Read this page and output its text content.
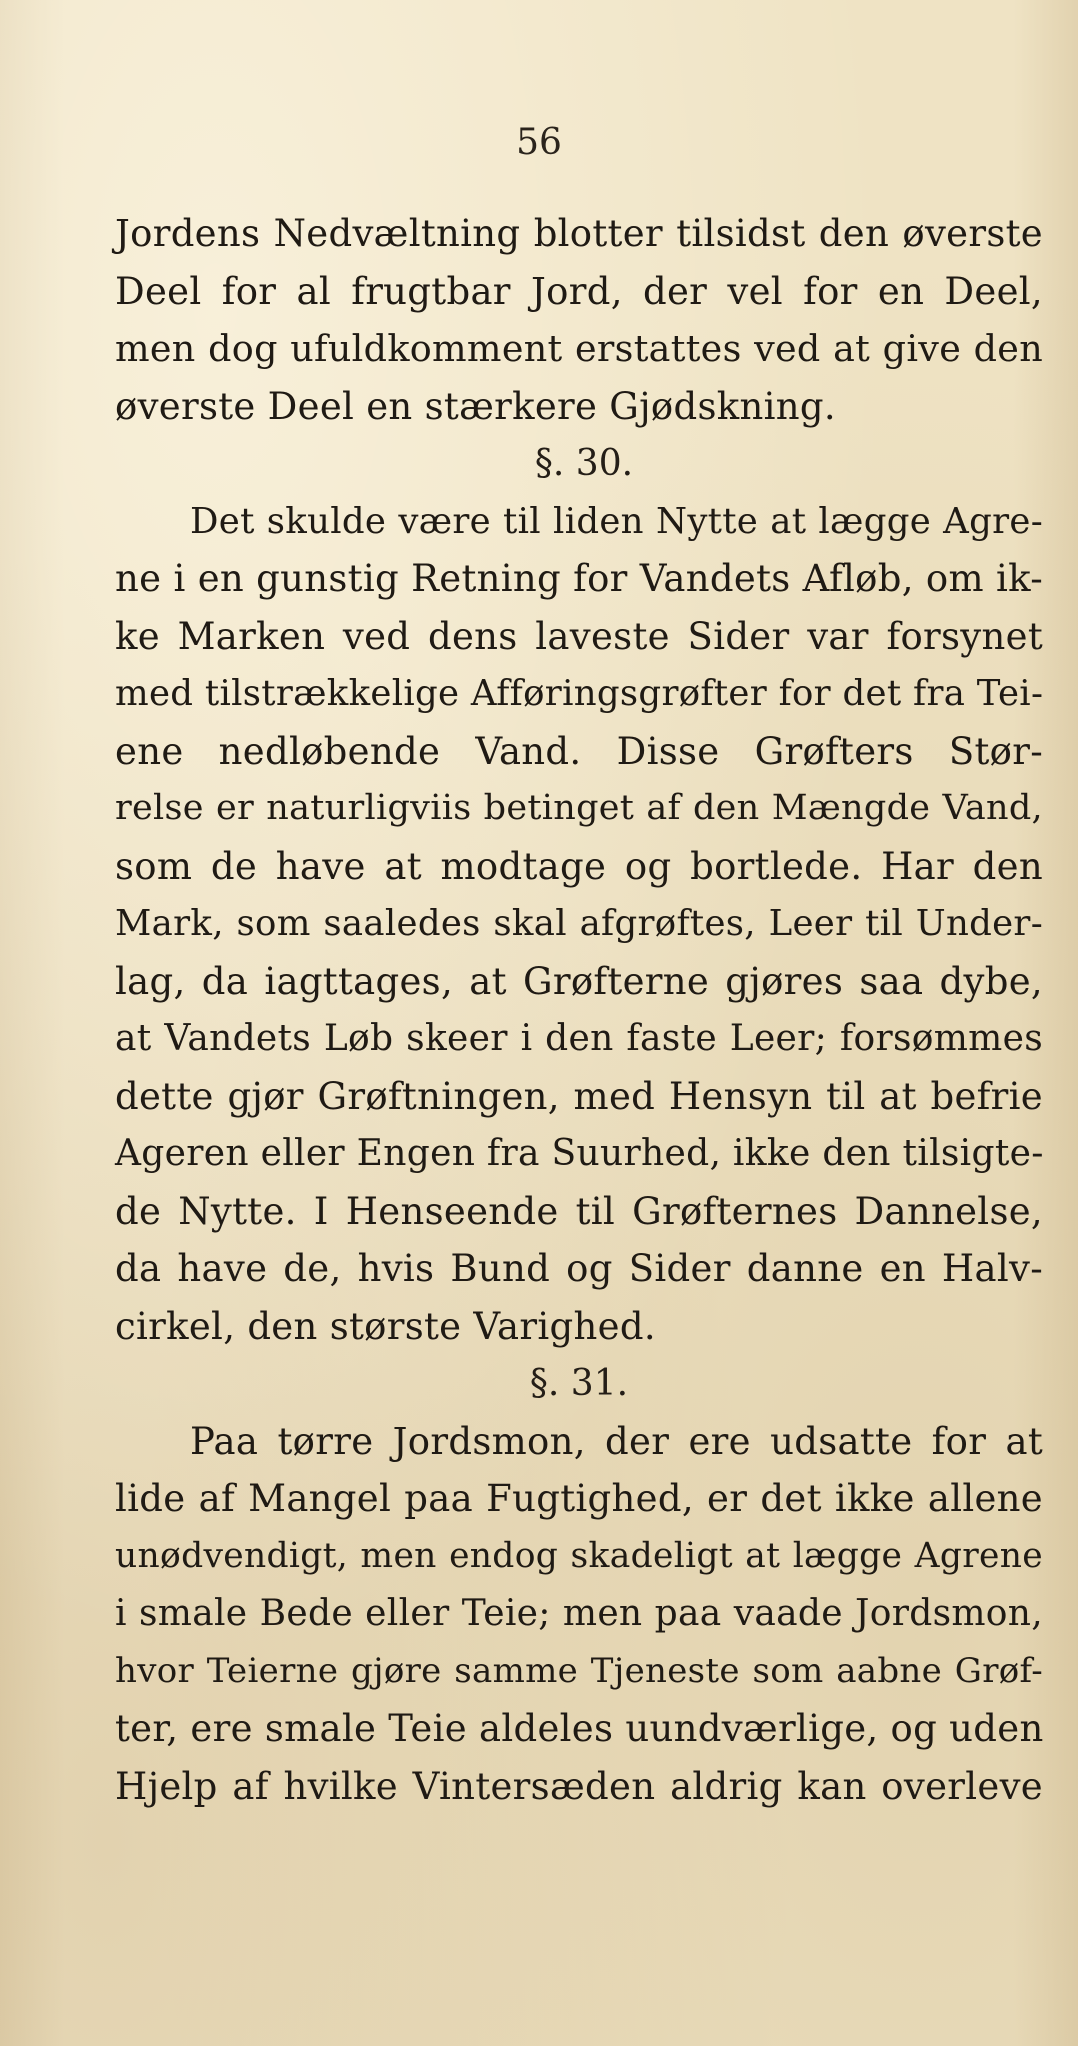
56
Jordens Nedvæltning blotter tilsidst den øverste
Deel for al frugtbar Jord, der vel for en Deel,
men dog ufuldkomment erstattes ved at give den
øverste Deel en stærkere Gjødskning.
§. 30.
Det skulde være til liden Nytte at lægge Agre-
ne i en gunstig Retning for Vandets Afløb, om ik-
ke Marken ved dens laveste Sider var forsynet
med tilstrækkelige Afføringsgrøfter for det fra Tei-
ene nedløbende Vand. Disse Grøfters Stør-
relse er naturligviis betinget af den Mængde Vand,
som de have at modtage og bortlede. Har den
Mark, som saaledes skal afgrøftes, Leer til Under-
lag, da iagttages, at Grøfterne gjøres saa dybe,
at Vandets Løb skeer i den faste Leer; forsømmes
dette gjør Grøftningen, med Hensyn til at befrie
Ageren eller Engen fra Suurhed, ikke den tilsigte-
de Nytte. I Henseende til Grøfternes Dannelse,
da have de, hvis Bund og Sider danne en Halv-
cirkel, den største Varighed.
§. 31.
Paa tørre Jordsmon, der ere udsatte for at
lide af Mangel paa Fugtighed, er det ikke allene
unødvendigt, men endog skadeligt at lægge Agrene
i smale Bede eller Teie; men paa vaade Jordsmon,
hvor Teierne gjøre samme Tjeneste som aabne Grøf-
ter, ere smale Teie aldeles uundværlige, og uden
Hjelp af hvilke Vintersæden aldrig kan overleve
